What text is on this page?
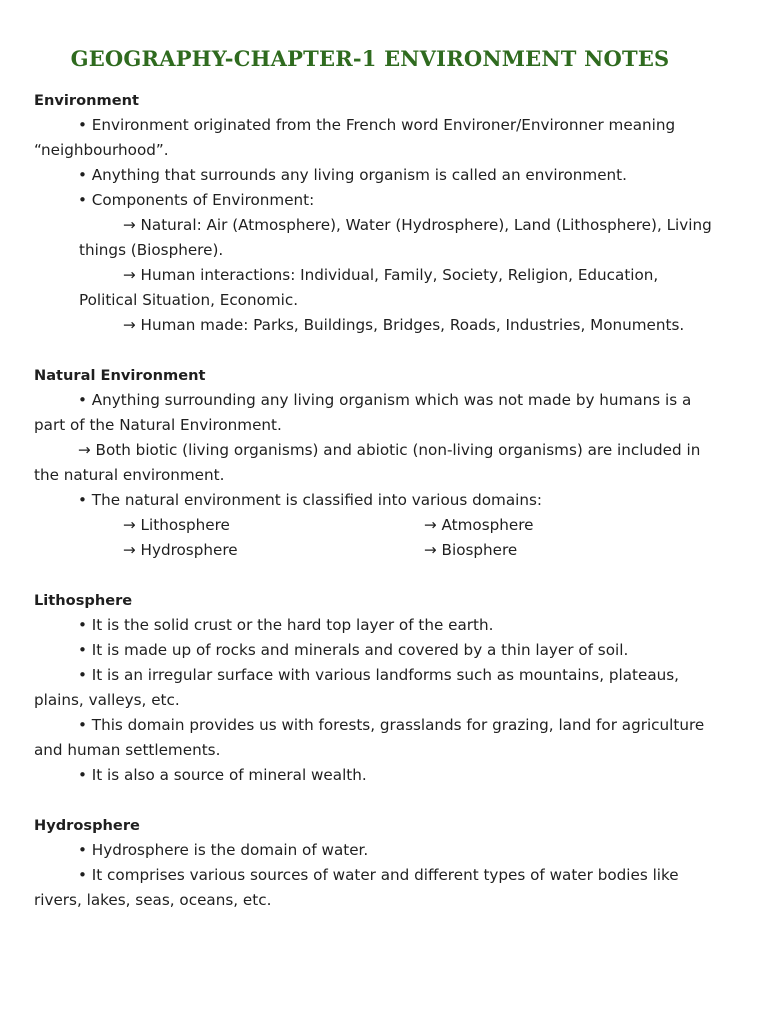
GEOGRAPHY-CHAPTER-1 ENVIRONMENT NOTES
Environment

• Environment originated from the French word Environer/Environner meaning “neighbourhood”.

• Anything that surrounds any living organism is called an environment.

• Components of Environment:

→ Natural: Air (Atmosphere), Water (Hydrosphere), Land (Lithosphere), Living things (Biosphere).

→ Human interactions: Individual, Family, Society, Religion, Education, Political Situation, Economic.

→ Human made: Parks, Buildings, Bridges, Roads, Industries, Monuments.

Natural Environment

• Anything surrounding any living organism which was not made by humans is a part of the Natural Environment.

→ Both biotic (living organisms) and abiotic (non-living organisms) are included in the natural environment.

• The natural environment is classified into various domains:

→ Lithosphere	→ Atmosphere
→ Hydrosphere	→ Biosphere
Lithosphere

• It is the solid crust or the hard top layer of the earth.

• It is made up of rocks and minerals and covered by a thin layer of soil.

• It is an irregular surface with various landforms such as mountains, plateaus, plains, valleys, etc.

• This domain provides us with forests, grasslands for grazing, land for agriculture and human settlements.

• It is also a source of mineral wealth.

Hydrosphere

• Hydrosphere is the domain of water.

• It comprises various sources of water and different types of water bodies like rivers, lakes, seas, oceans, etc.
